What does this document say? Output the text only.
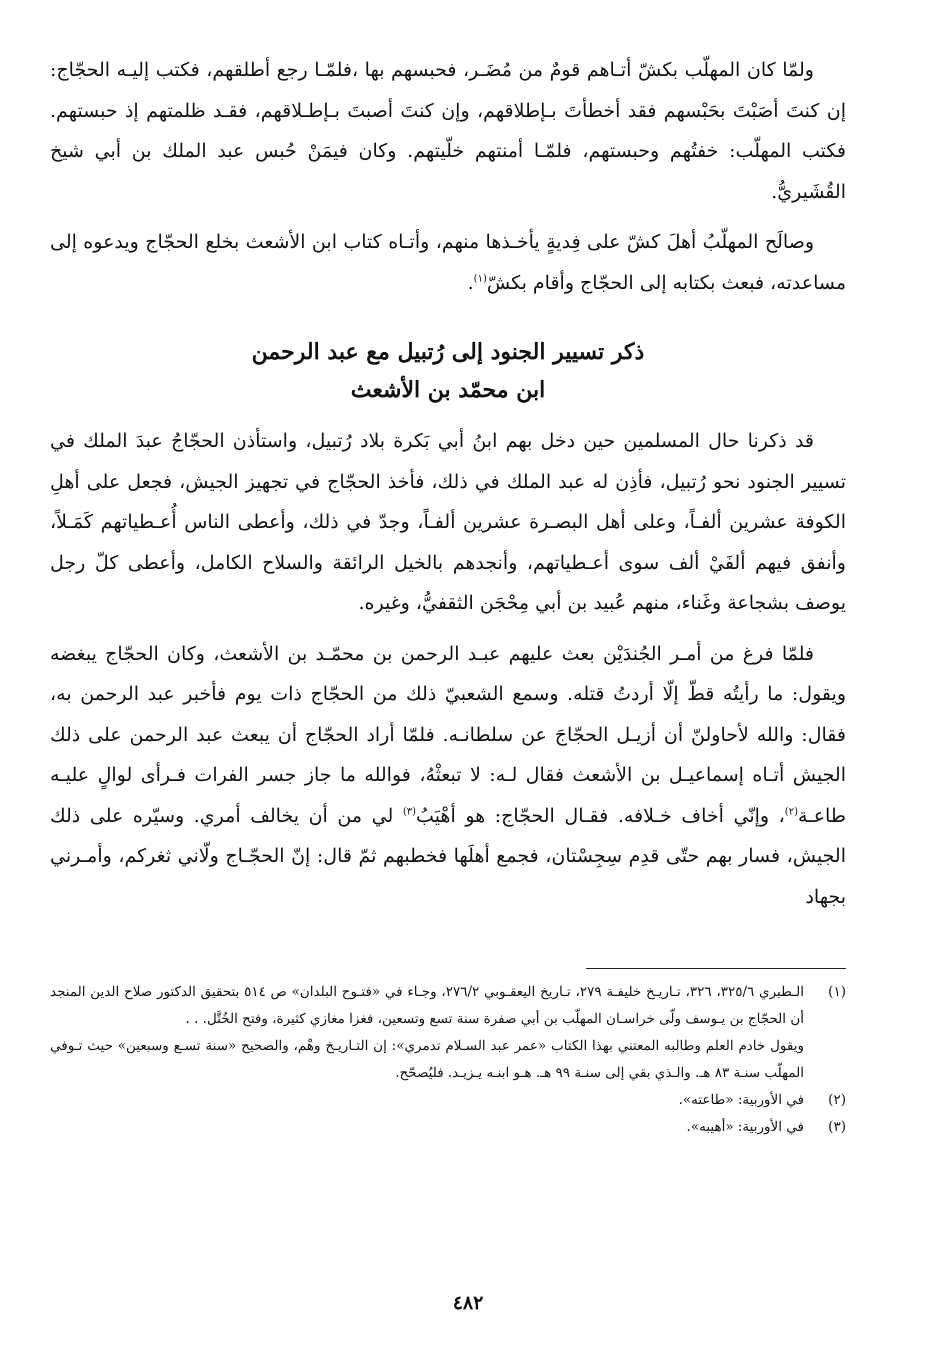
ولمّا كان المهلّب بكشّ أتـاهم قومٌ من مُضَـر، فحبسهم بها ،فلمّـا رجع أطلقهم، فكتب إليـه الحجّاج: إن كنتَ أصَبْتَ بحَبْسهم فقد أخطأتَ بـإطلاقهم، وإن كنتَ أصبتَ بـإطـلاقهم، فقـد ظلمتهم إذ حبستهم. فكتب المهلّب: خفتُهم وحبستهم، فلمّـا أمنتهم خلّيتهم. وكان فيمَنْ حُبس عبد الملك بن أبي شيخ القُشَيريُّ.

وصالَح المهلّبُ أهلَ كشّ على فِديةٍ يأخـذها منهم، وأتـاه كتاب ابن الأشعث بخلع الحجّاج ويدعوه إلى مساعدته، فبعث بكتابه إلى الحجّاج وأقام بكشّ$^{(١)}$.

ذكر تسيير الجنود إلى رُتبيل مع عبد الرحمن

ابن محمّد بن الأشعث

قد ذكرنا حال المسلمين حين دخل بهم ابنُ أبي بَكرة بلاد رُتبيل، واستأذن الحجّاجُ عبدَ الملك في تسيير الجنود نحو رُتبيل، فأذِن له عبد الملك في ذلك، فأخذ الحجّاج في تجهيز الجيش، فجعل على أهلِ الكوفة عشرين ألفـاً، وعلى أهل البصـرة عشرين ألفـاً، وجدّ في ذلك، وأعطى الناس أُعـطياتهم كَمَـلاً، وأنفق فيهم ألفَيْ ألف سوى أعـطياتهم، وأنجدهم بالخيل الرائقة والسلاح الكامل، وأعطى كلّ رجل يوصف بشجاعة وغَناء، منهم عُبيد بن أبي مِحْجَن الثقفيُّ، وغيره.

فلمّا فرغ من أمـر الجُندَيْن بعث عليهم عبـد الرحمن بن محمّـد بن الأشعث، وكان الحجّاج يبغضه ويقول: ما رأيتُه قطّ إلّا أردتُ قتله. وسمع الشعبيّ ذلك من الحجّاج ذات يوم فأخبر عبد الرحمن به، فقال: والله لأحاولنّ أن أزيـل الحجّاجَ عن سلطانـه. فلمّا أراد الحجّاج أن يبعث عبد الرحمن على ذلك الجيش أتـاه إسماعيـل بن الأشعث فقال لـه: لا تبعثْهُ، فوالله ما جاز جسر الفرات فـرأى لوالٍ عليـه طاعـة$^{(٢)}$، وإنّي أخاف خـلافه. فقـال الحجّاج: هو أهْيَبُ$^{(٣)}$ لي من أن يخالف أمري. وسيّره على ذلك الجيش، فسار بهم حتّى قدِم سِجِسْتان، فجمع أهلَها فخطبهم ثمّ قال: إنّ الحجّـاج ولّاني ثغركم، وأمـرني بجهاد

(١)

الـطبري ٣٢٥/٦، ٣٢٦، تـاريـخ خليفـة ٢٧٩، تـاريخ اليعقـوبي ٢٧٦/٢، وجـاء في «فتـوح البلدان» ص ٥١٤ بتحقيق الدكتور صلاح الدين المنجد أن الحجّاج بن يـوسف ولّى خراسـان المهلّب بن أبي صفرة سنة تسع وتسعين، فغزا مغازي كثيرة، وفتح الخُتَّل. . .

ويقول خادم العلم وطالبه المعتني بهذا الكتاب «عمر عبد السـلام تدمري»: إن التـاريـخ وهْم، والصحيح «سنة تسـع وسبعين» حيث تـوفي المهلّب سنـة ٨٣ هـ. والـذي بقي إلى سنـة ٩٩ هـ. هـو ابنـه يـزيـد. فليُصحّح.

(٢)

في الأوربية: «طاعته».

(٣)

في الأوربية: «أهيبه».

٤٨٢
